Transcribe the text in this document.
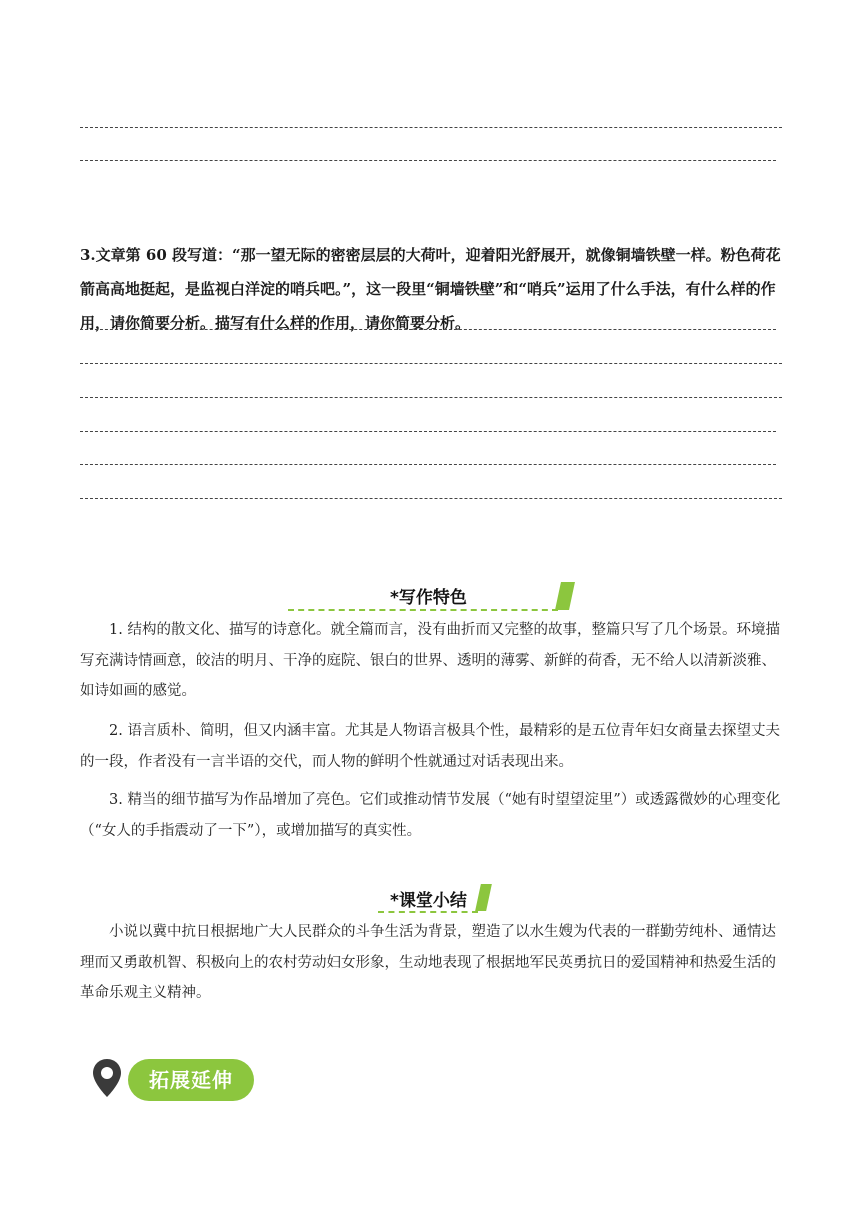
3.文章第 60 段写道：“那一望无际的密密层层的大荷叶，迎着阳光舒展开，就像铜墙铁壁一样。粉色荷花箭高高地挺起，是监视白洋淀的哨兵吧。”，这一段里“铜墙铁壁”和“哨兵”运用了什么手法，有什么样的作用，请你简要分析。描写有什么样的作用，请你简要分析。

*写作特色

1. 结构的散文化、描写的诗意化。就全篇而言，没有曲折而又完整的故事，整篇只写了几个场景。环境描写充满诗情画意，皎洁的明月、干净的庭院、银白的世界、透明的薄雾、新鲜的荷香，无不给人以清新淡雅、如诗如画的感觉。

2. 语言质朴、简明，但又内涵丰富。尤其是人物语言极具个性，最精彩的是五位青年妇女商量去探望丈夫的一段，作者没有一言半语的交代，而人物的鲜明个性就通过对话表现出来。

3. 精当的细节描写为作品增加了亮色。它们或推动情节发展（“她有时望望淀里”）或透露微妙的心理变化（“女人的手指震动了一下”），或增加描写的真实性。

*课堂小结

小说以冀中抗日根据地广大人民群众的斗争生活为背景，塑造了以水生嫂为代表的一群勤劳纯朴、通情达理而又勇敢机智、积极向上的农村劳动妇女形象，生动地表现了根据地军民英勇抗日的爱国精神和热爱生活的革命乐观主义精神。

拓展延伸
